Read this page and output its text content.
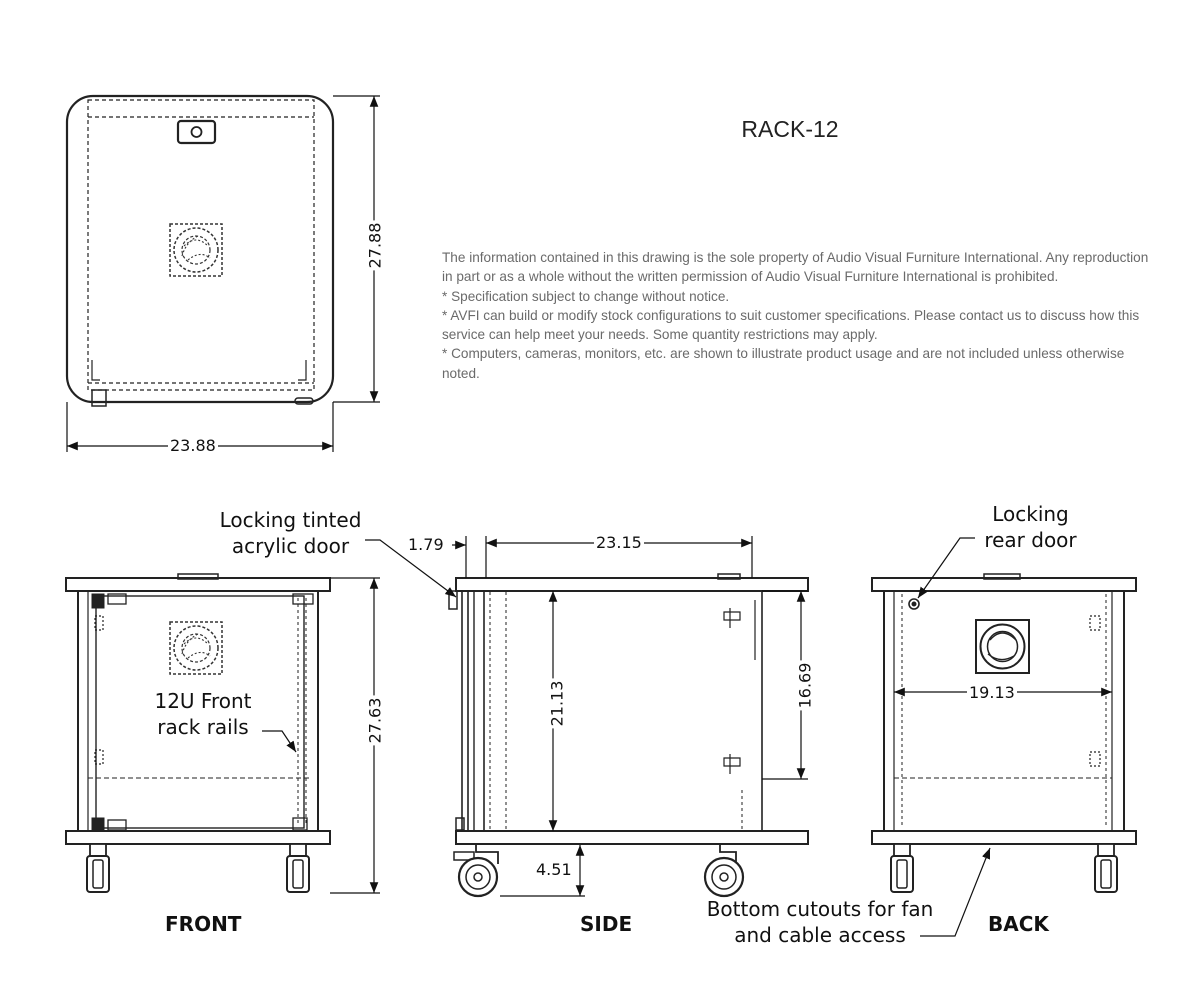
RACK-12

The information contained in this drawing is the sole property of Audio Visual Furniture International. Any reproduction in part or as a whole without the written permission of Audio Visual Furniture International is prohibited.

* Specification subject to change without notice.

* AVFI can build or modify stock configurations to suit customer specifications. Please contact us to discuss how this service can help meet your needs. Some quantity restrictions may apply.

* Computers, cameras, monitors, etc. are shown to illustrate product usage and are not included unless otherwise noted.

23.88
27.88
27.63
12U Front
rack rails
FRONT
Locking tinted
acrylic door	1.79	23.15
21.13	16.69
4.51
SIDE
Locking
rear door
19.13
Bottom cutouts for fan
and cable access	BACK
